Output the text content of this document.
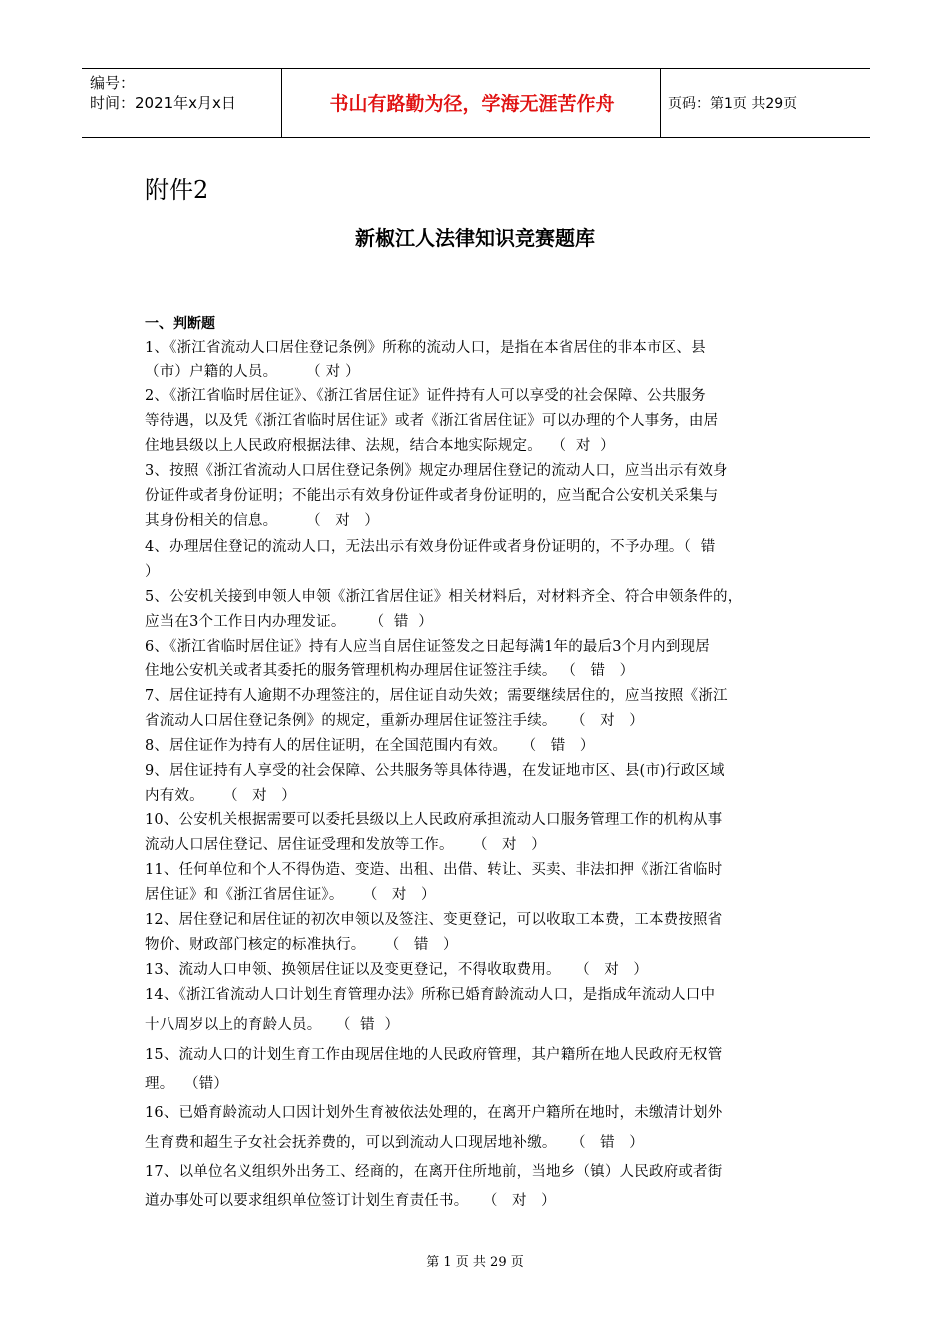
编号：
时间：2021年x月x日	书山有路勤为径，学海无涯苦作舟	页码：第1页 共29页
附件2
新椒江人法律知识竞赛题库
一、判断题
1、《浙江省流动人口居住登记条例》所称的流动人口，是指在本省居住的非本市区、县
（市）户籍的人员。      （ 对 ）
2、《浙江省临时居住证》、《浙江省居住证》证件持有人可以享受的社会保障、公共服务
等待遇，以及凭《浙江省临时居住证》或者《浙江省居住证》可以办理的个人事务，由居
住地县级以上人民政府根据法律、法规，结合本地实际规定。  （  对  ）
3、按照《浙江省流动人口居住登记条例》规定办理居住登记的流动人口，应当出示有效身
份证件或者身份证明；不能出示有效身份证件或者身份证明的，应当配合公安机关采集与
其身份相关的信息。      （   对   ）
4、办理居住登记的流动人口，无法出示有效身份证件或者身份证明的，不予办理。（  错
）
5、公安机关接到申领人申领《浙江省居住证》相关材料后，对材料齐全、符合申领条件的，
应当在3个工作日内办理发证。     （  错  ）
6、《浙江省临时居住证》持有人应当自居住证签发之日起每满1年的最后3个月内到现居
住地公安机关或者其委托的服务管理机构办理居住证签注手续。 （   错   ）
7、居住证持有人逾期不办理签注的，居住证自动失效；需要继续居住的，应当按照《浙江
省流动人口居住登记条例》的规定，重新办理居住证签注手续。   （   对   ）
8、居住证作为持有人的居住证明，在全国范围内有效。   （   错   ）
9、居住证持有人享受的社会保障、公共服务等具体待遇，在发证地市区、县(市)行政区域
内有效。    （   对   ）
10、公安机关根据需要可以委托县级以上人民政府承担流动人口服务管理工作的机构从事
流动人口居住登记、居住证受理和发放等工作。    （   对   ）
11、任何单位和个人不得伪造、变造、出租、出借、转让、买卖、非法扣押《浙江省临时
居住证》和《浙江省居住证》。    （   对   ）
12、居住登记和居住证的初次申领以及签注、变更登记，可以收取工本费，工本费按照省
物价、财政部门核定的标准执行。    （   错   ）
13、流动人口申领、换领居住证以及变更登记，不得收取费用。   （   对   ）
14、《浙江省流动人口计划生育管理办法》所称已婚育龄流动人口，是指成年流动人口中
十八周岁以上的育龄人员。   （  错  ）
15、流动人口的计划生育工作由现居住地的人民政府管理，其户籍所在地人民政府无权管
理。  （错）
16、已婚育龄流动人口因计划外生育被依法处理的，在离开户籍所在地时，未缴清计划外
生育费和超生子女社会抚养费的，可以到流动人口现居地补缴。   （   错   ）
17、以单位名义组织外出务工、经商的，在离开住所地前，当地乡（镇）人民政府或者街
道办事处可以要求组织单位签订计划生育责任书。   （   对   ）
第 1 页 共 29 页
